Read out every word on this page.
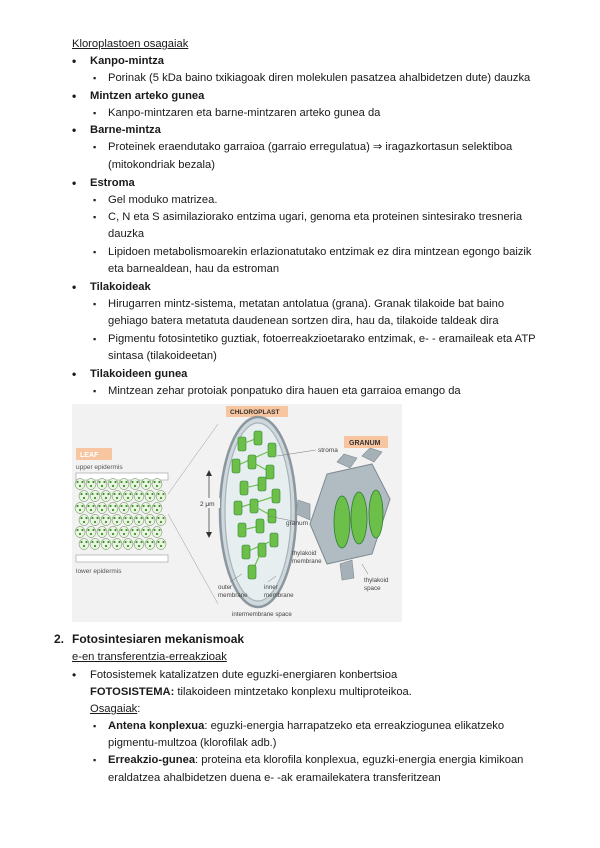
Kloroplastoen osagaiak
• Kanpo-mintza
▪ Porinak (5 kDa baino txikiagoak diren molekulen pasatzea ahalbidetzen dute) dauzka
• Mintzen arteko gunea
▪ Kanpo-mintzaren eta barne-mintzaren arteko gunea da
• Barne-mintza
▪ Proteinek eraendutako garraioa (garraio erregulatua) ⇒ iragazkortasun selektiboa
(mitokondriak bezala)
• Estroma
▪ Gel moduko matrizea.
▪ C, N eta S asimilaziorako entzima ugari, genoma eta proteinen sintesirako tresneria
dauzka
▪ Lipidoen metabolismoarekin erlazionatutako entzimak ez dira mintzean egongo baizik
eta barnealdean, hau da estroman
• Tilakoideak
▪ Hirugarren mintz-sistema, metatan antolatua (grana). Granak tilakoide bat baino
gehiago batera metatuta daudenean sortzen dira, hau da, tilakoide taldeak dira
▪ Pigmentu fotosintetiko guztiak, fotoerreakzioetarako entzimak, e- - eramaileak eta ATP
sintasa (tilakoideetan)
• Tilakoideen gunea
▪ Mintzean zehar protoiak ponpatuko dira hauen eta garraioa emango da
LEAF
upper epidermis
lower epidermis
CHLOROPLAST
2 μm
stroma
granum
thylakoid
membrane
outer
membrane
inner
membrane
intermembrane space
GRANUM
thylakoid
space
2. Fotosintesiaren mekanismoak
e-en transferentzia-erreakzioak
• Fotosistemek katalizatzen dute eguzki-energiaren konbertsioa
FOTOSISTEMA: tilakoideen mintzetako konplexu multiproteikoa.
Osagaiak:
▪ Antena konplexua: eguzki-energia harrapatzeko eta erreakziogunea elikatzeko
pigmentu-multzoa (klorofilak adb.)
▪ Erreakzio-gunea: proteina eta klorofila konplexua, eguzki-energia energia kimikoan
eraldatzea ahalbidetzen duena e- -ak eramailekatera transferitzean
